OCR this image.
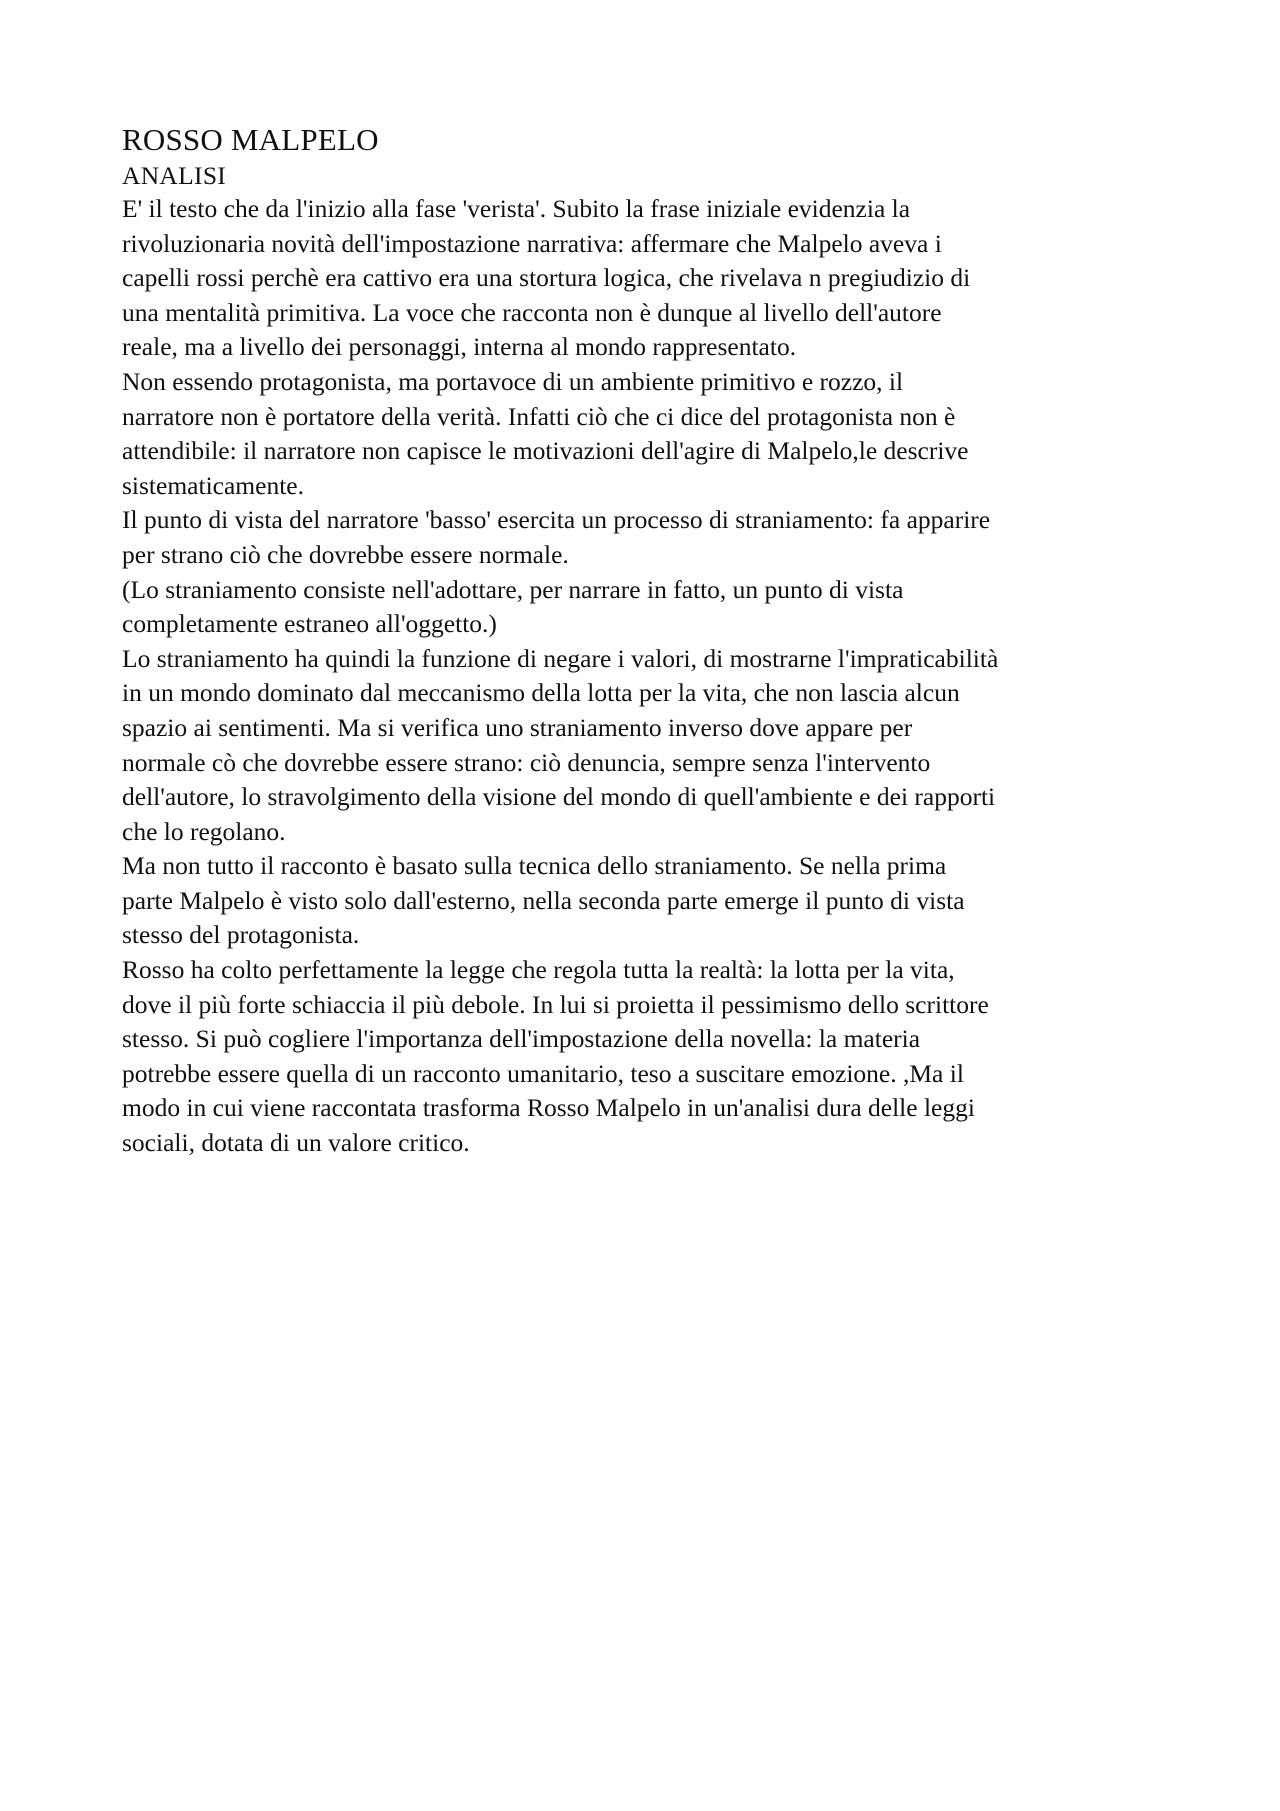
ROSSO MALPELO
ANALISI
E' il testo che da l'inizio alla fase 'verista'. Subito la frase iniziale evidenzia la
rivoluzionaria novità dell'impostazione narrativa: affermare che Malpelo aveva i
capelli rossi perchè era cattivo era una stortura logica, che rivelava n pregiudizio di
una mentalità primitiva. La voce che racconta non è dunque al livello dell'autore
reale, ma a livello dei personaggi, interna al mondo rappresentato.
Non essendo protagonista, ma portavoce di un ambiente primitivo e rozzo, il
narratore non è portatore della verità. Infatti ciò che ci dice del protagonista non è
attendibile: il narratore non capisce le motivazioni dell'agire di Malpelo,le descrive
sistematicamente.
Il punto di vista del narratore 'basso' esercita un processo di straniamento: fa apparire
per strano ciò che dovrebbe essere normale.
(Lo straniamento consiste nell'adottare, per narrare in fatto, un punto di vista
completamente estraneo all'oggetto.)
Lo straniamento ha quindi la funzione di negare i valori, di mostrarne l'impraticabilità
in un mondo dominato dal meccanismo della lotta per la vita, che non lascia alcun
spazio ai sentimenti. Ma si verifica uno straniamento inverso dove appare per
normale cò che dovrebbe essere strano: ciò denuncia, sempre senza l'intervento
dell'autore, lo stravolgimento della visione del mondo di quell'ambiente e dei rapporti
che lo regolano.
Ma non tutto il racconto è basato sulla tecnica dello straniamento. Se nella prima
parte Malpelo è visto solo dall'esterno, nella seconda parte emerge il punto di vista
stesso del protagonista.
Rosso ha colto perfettamente la legge che regola tutta la realtà: la lotta per la vita,
dove il più forte schiaccia il più debole. In lui si proietta il pessimismo dello scrittore
stesso. Si può cogliere l'importanza dell'impostazione della novella: la materia
potrebbe essere quella di un racconto umanitario, teso a suscitare emozione. ,Ma il
modo in cui viene raccontata trasforma Rosso Malpelo in un'analisi dura delle leggi
sociali, dotata di un valore critico.
